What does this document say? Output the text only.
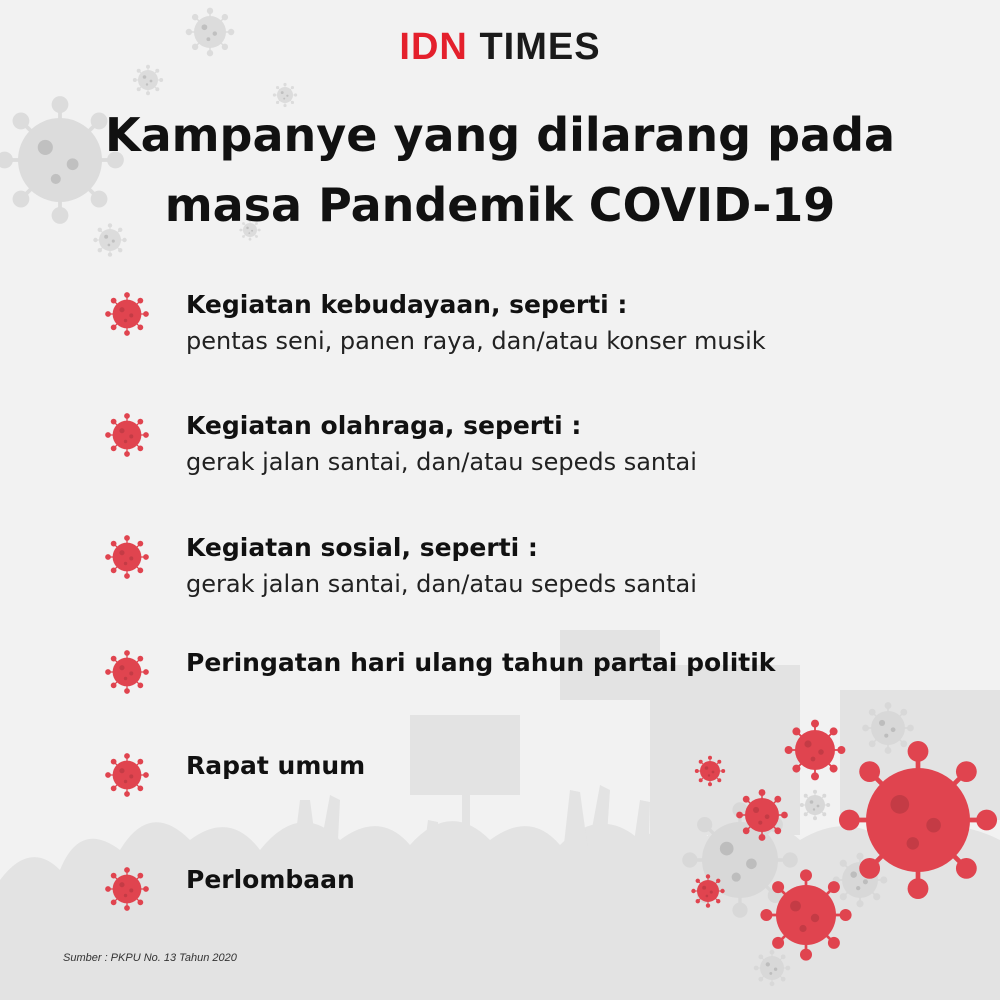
IDN TIMES
Kampanye yang dilarang pada
masa Pandemik COVID-19
Kegiatan kebudayaan, seperti :
pentas seni, panen raya, dan/atau konser musik
Kegiatan olahraga, seperti :
gerak jalan santai, dan/atau sepeds santai
Kegiatan sosial, seperti :
gerak jalan santai, dan/atau sepeds santai
Peringatan hari ulang tahun partai politik
Rapat umum
Perlombaan
Sumber : PKPU No. 13 Tahun 2020
